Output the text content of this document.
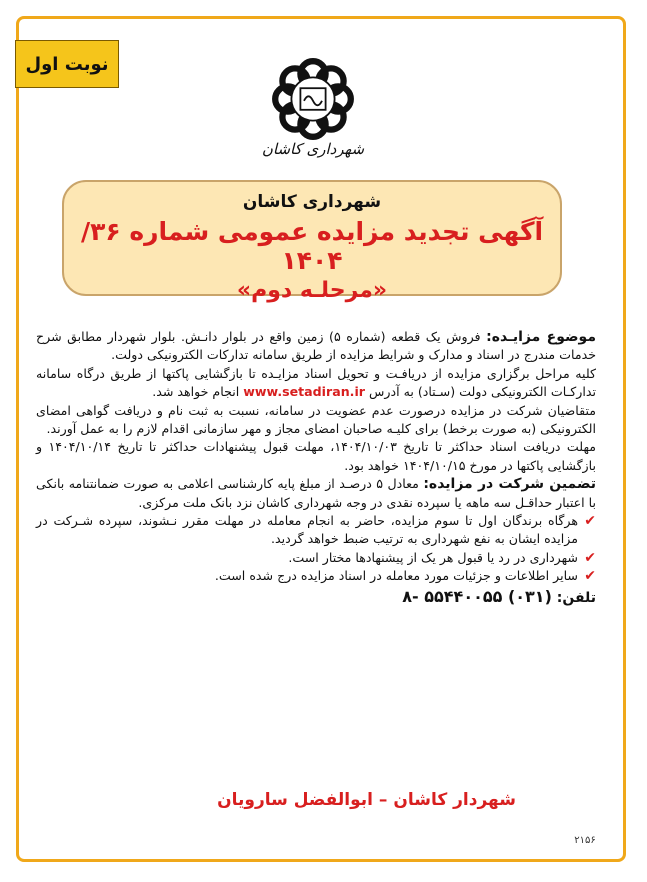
نوبت اول
شهرداری کاشان
شهرداری کاشان
آگهی تجدید مزایده عمومی شماره ۳۶/ ۱۴۰۴
«مرحلـه دوم»

موضوع مزایـده: فروش یک قطعه (شماره ۵) زمین واقع در بلوار دانـش. بلوار شهردار مطابق شرح خدمات مندرج در اسناد و مدارک و شرایط مزایده از طریق سامانه تدارکات الکترونیکی دولت.

کلیه مراحل برگزاری مزایده از دریافـت و تحویل اسناد مزایـده تا بازگشایی پاکتها از طریق درگاه سامانه تدارکـات الکترونیکی دولت (سـتاد) به آدرس www.setadiran.ir انجام خواهد شد.

متقاضیان شرکت در مزایده درصورت عدم عضویت در سامانه، نسبت به ثبت نام و دریافت گواهی امضای الکترونیکی (به صورت برخط) برای کلیـه صاحبان امضای مجاز و مهر سازمانی اقدام لازم را به عمل آورند.

مهلت دریافت اسناد حداکثر تا تاریخ ۱۴۰۴/۱۰/۰۳، مهلت قبول پیشنهادات حداکثر تا تاریخ ۱۴۰۴/۱۰/۱۴ و بازگشایی پاکتها در مورخ ۱۴۰۴/۱۰/۱۵ خواهد بود.

تضمین شرکت در مزایده: معادل ۵ درصـد از مبلغ پایه کارشناسی اعلامی به صورت ضمانتنامه بانکی با اعتبار حداقـل سه ماهه یا سپرده نقدی در وجه شهرداری کاشان نزد بانک ملت مرکزی.

✔
هرگاه برندگان اول تا سوم مزایده، حاضر به انجام معامله در مهلت مقرر نـشوند، سپرده شـرکت در مزایده ایشان به نفع شهرداری به ترتیب ضبط خواهد گردید.
✔
شهرداری در رد یا قبول هر یک از پیشنهادها مختار است.
✔
سایر اطلاعات و جزئیات مورد معامله در اسناد مزایده درج شده است.
تلفن: ۸- ۵۵۴۴۰۰۵۵ (۰۳۱)
شهردار کاشان – ابوالفضل سارویان
۲۱۵۶
